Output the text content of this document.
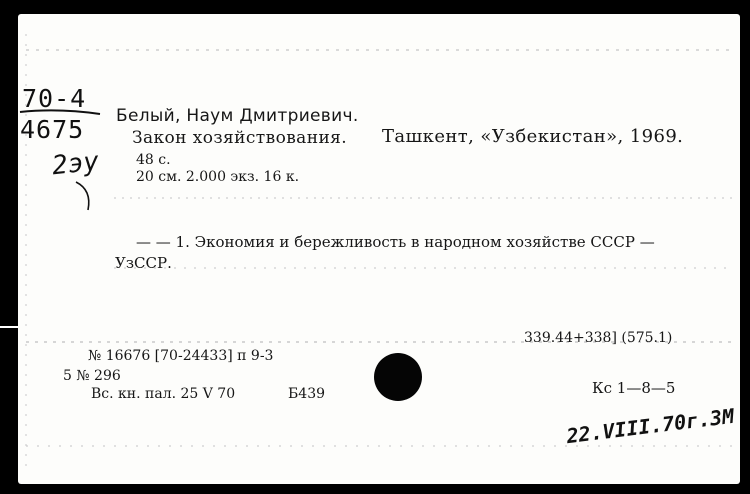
70-4
4675
2эу
22.VIII.70г.ЗМ
Белый, Наум Дмитриевич.
Закон хозяйствования. Ташкент, «Узбекистан», 1969.
48 с.
20 см. 2.000 экз. 16 к.
— — 1. Экономия и бережливость в народном хозяйстве СССР —
УзССР.
339.44+338] (575.1)
№ 16676 [70-24433] п 9-3
5 № 296
Вс. кн. пал. 25 V 70	Б439	Кс 1—8—5
